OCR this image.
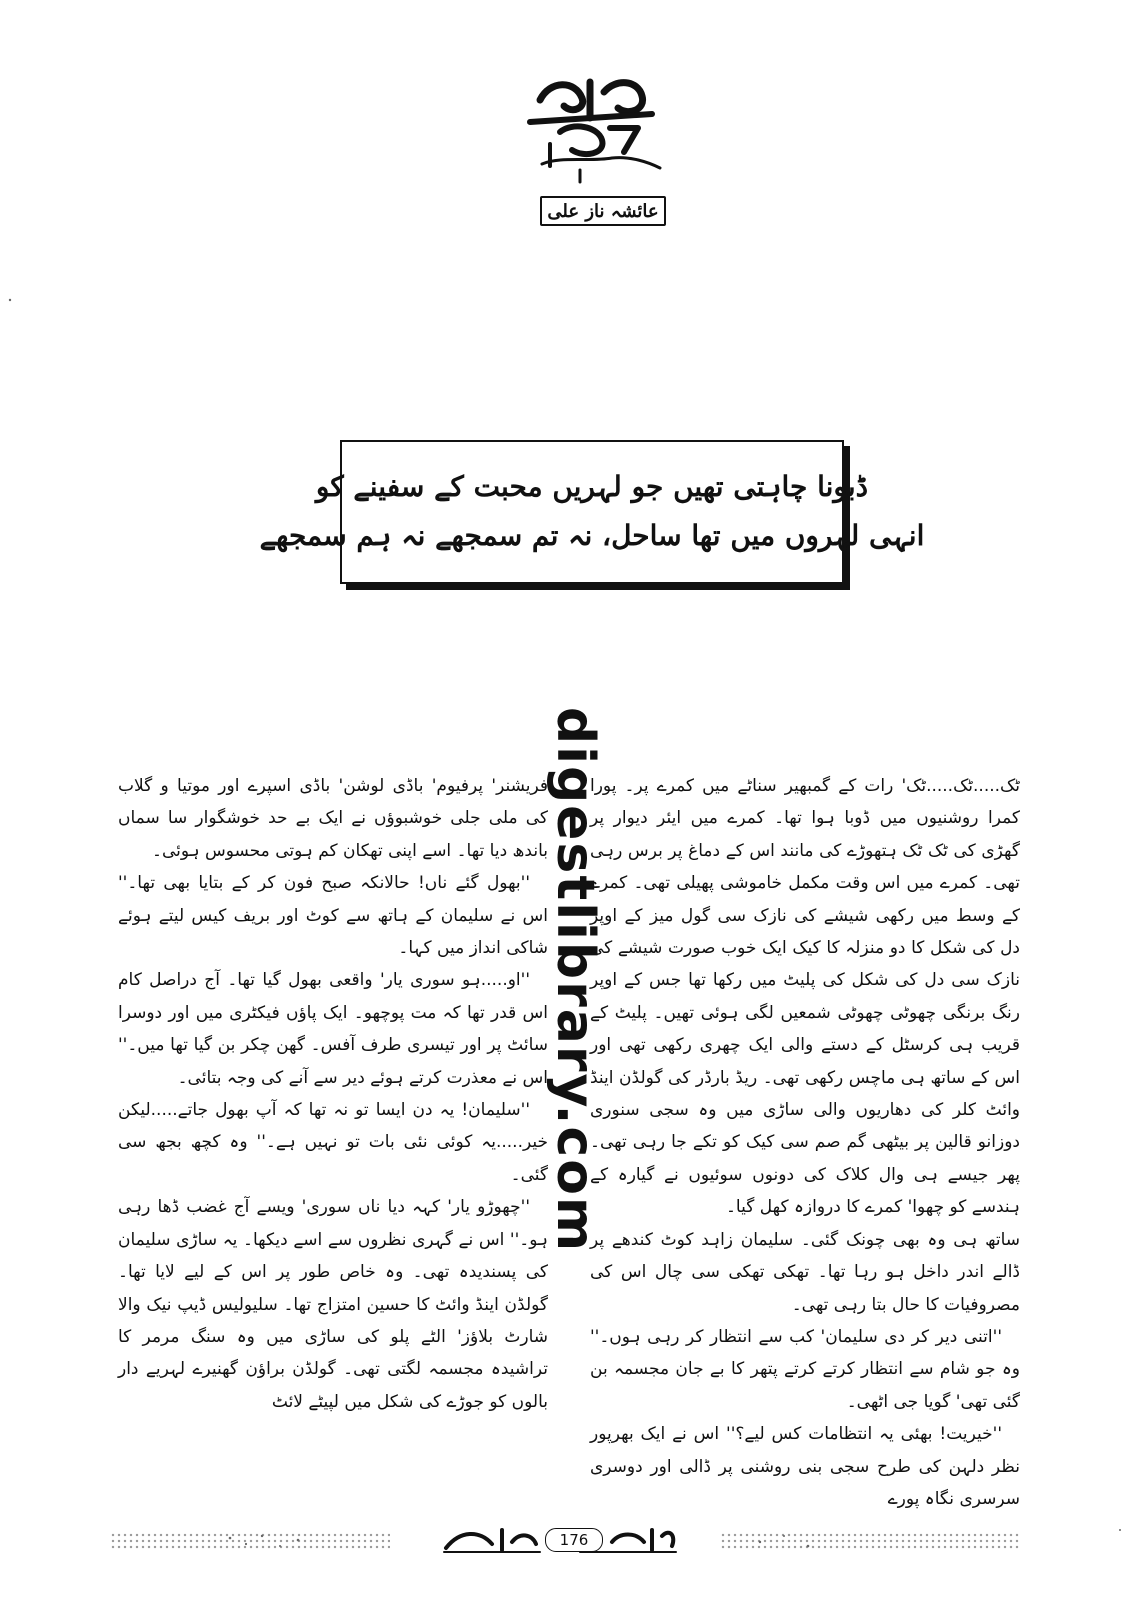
عائشہ ناز علی
ڈبونا چاہتی تھیں جو لہریں محبت کے سفینے کو
انہی لہروں میں تھا ساحل، نہ تم سمجھے نہ ہم سمجھے
digestlibrary.com

ٹک.....ٹک.....ٹک' رات کے گمبھیر سناٹے میں کمرے پر۔ پورا کمرا روشنیوں میں ڈوبا ہوا تھا۔ کمرے میں ایئر دیوار پر گھڑی کی ٹک ٹک ہتھوڑے کی مانند اس کے دماغ پر برس رہی تھی۔ کمرے میں اس وقت مکمل خاموشی پھیلی تھی۔ کمرے کے وسط میں رکھی شیشے کی نازک سی گول میز کے اوپر دل کی شکل کا دو منزلہ کا کیک ایک خوب صورت شیشے کی نازک سی دل کی شکل کی پلیٹ میں رکھا تھا جس کے اوپر رنگ برنگی چھوٹی چھوٹی شمعیں لگی ہوئی تھیں۔ پلیٹ کے قریب ہی کرسٹل کے دستے والی ایک چھری رکھی تھی اور اس کے ساتھ ہی ماچس رکھی تھی۔ ریڈ بارڈر کی گولڈن اینڈ وائٹ کلر کی دھاریوں والی ساڑی میں وہ سجی سنوری دوزانو قالین پر بیٹھی گم صم سی کیک کو تکے جا رہی تھی۔ پھر جیسے ہی وال کلاک کی دونوں سوئیوں نے گیارہ کے ہندسے کو چھوا' کمرے کا دروازہ کھل گیا۔

ساتھ ہی وہ بھی چونک گئی۔ سلیمان زاہد کوٹ کندھے پر ڈالے اندر داخل ہو رہا تھا۔ تھکی تھکی سی چال اس کی مصروفیات کا حال بتا رہی تھی۔

''اتنی دیر کر دی سلیمان' کب سے انتظار کر رہی ہوں۔'' وہ جو شام سے انتظار کرتے کرتے پتھر کا بے جان مجسمہ بن گئی تھی' گویا جی اٹھی۔

''خیریت! بھئی یہ انتظامات کس لیے؟'' اس نے ایک بھرپور نظر دلہن کی طرح سجی بنی روشنی پر ڈالی اور دوسری سرسری نگاہ پورے

فریشنر' پرفیوم' باڈی لوشن' باڈی اسپرے اور موتیا و گلاب کی ملی جلی خوشبوؤں نے ایک بے حد خوشگوار سا سماں باندھ دیا تھا۔ اسے اپنی تھکان کم ہوتی محسوس ہوئی۔

''بھول گئے ناں! حالانکہ صبح فون کر کے بتایا بھی تھا۔'' اس نے سلیمان کے ہاتھ سے کوٹ اور بریف کیس لیتے ہوئے شاکی انداز میں کہا۔

''او.....ہو سوری یار' واقعی بھول گیا تھا۔ آج دراصل کام اس قدر تھا کہ مت پوچھو۔ ایک پاؤں فیکٹری میں اور دوسرا سائٹ پر اور تیسری طرف آفس۔ گھن چکر بن گیا تھا میں۔'' اس نے معذرت کرتے ہوئے دیر سے آنے کی وجہ بتائی۔

''سلیمان! یہ دن ایسا تو نہ تھا کہ آپ بھول جاتے.....لیکن خیر.....یہ کوئی نئی بات تو نہیں ہے۔'' وہ کچھ بجھ سی گئی۔

''چھوڑو یار' کہہ دیا ناں سوری' ویسے آج غضب ڈھا رہی ہو۔'' اس نے گہری نظروں سے اسے دیکھا۔ یہ ساڑی سلیمان کی پسندیدہ تھی۔ وہ خاص طور پر اس کے لیے لایا تھا۔ گولڈن اینڈ وائٹ کا حسین امتزاج تھا۔ سلیولیس ڈیپ نیک والا شارٹ بلاؤز' الٹے پلو کی ساڑی میں وہ سنگ مرمر کا تراشیدہ مجسمہ لگتی تھی۔ گولڈن براؤن گھنیرے لہریے دار بالوں کو جوڑے کی شکل میں لپیٹے لائٹ

176
